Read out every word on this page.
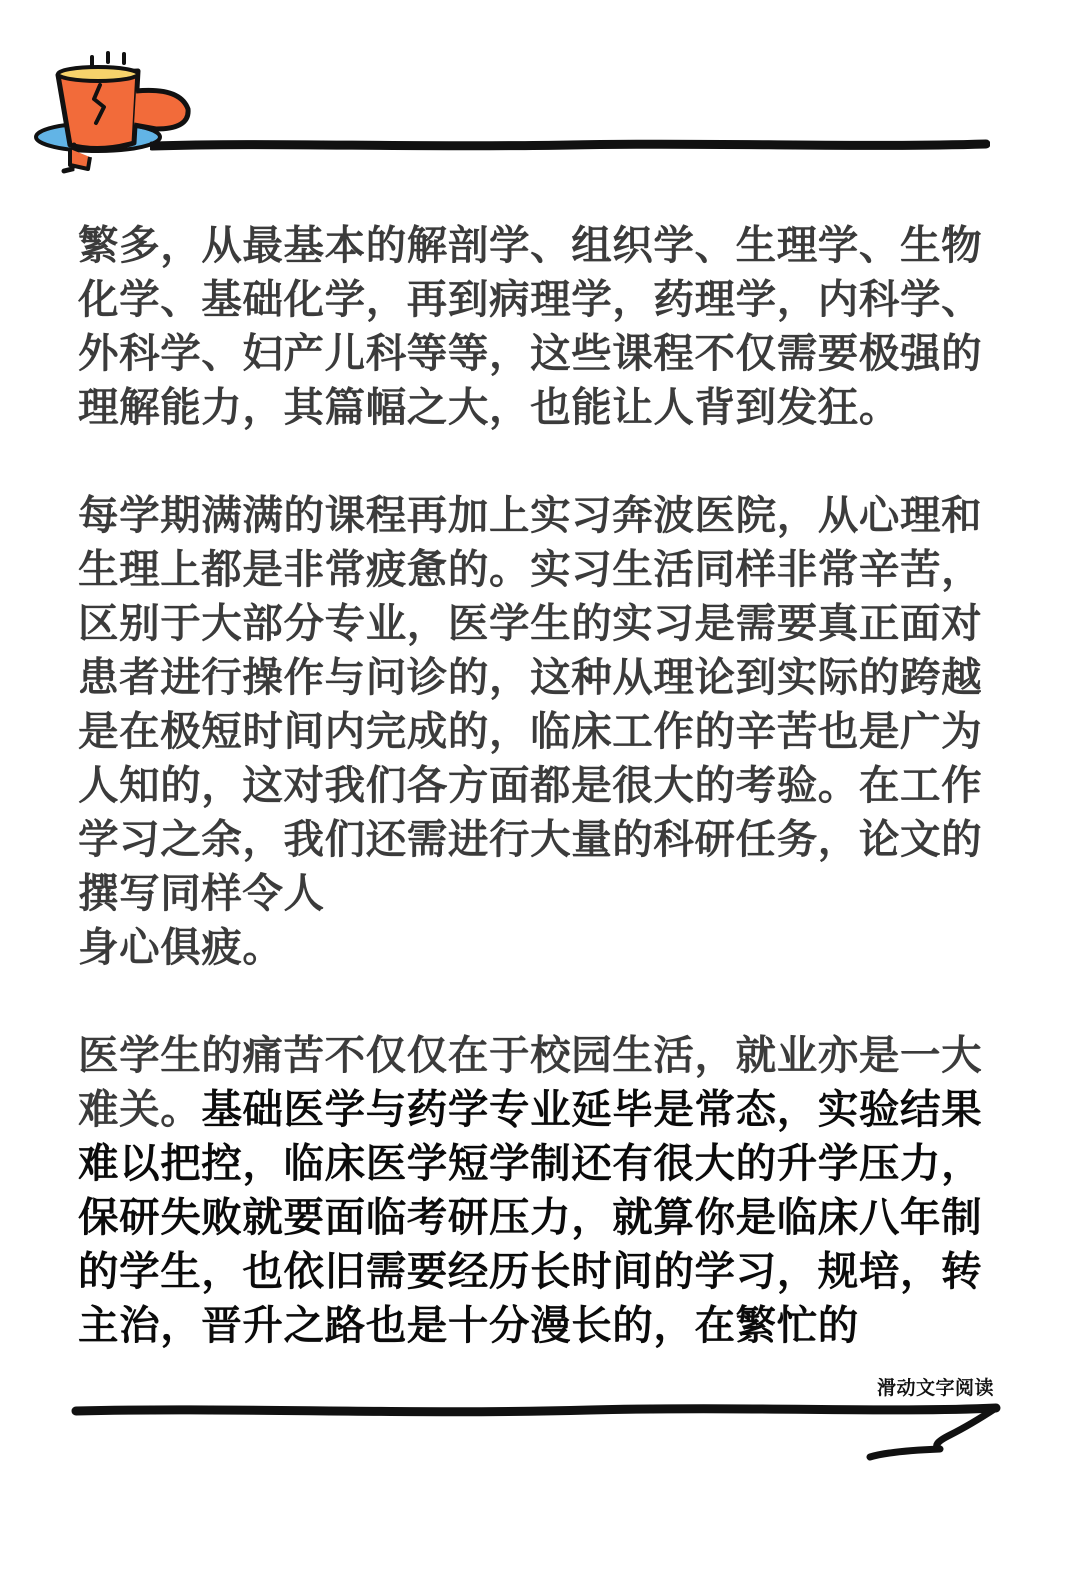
繁多，从最基本的解剖学、组织学、生理学、生物化学、基础化学，再到病理学，药理学，内科学、外科学、妇产儿科等等，这些课程不仅需要极强的理解能力，其篇幅之大，也能让人背到发狂。

每学期满满的课程再加上实习奔波医院，从心理和生理上都是非常疲惫的。实习生活同样非常辛苦，区别于大部分专业，医学生的实习是需要真正面对患者进行操作与问诊的，这种从理论到实际的跨越是在极短时间内完成的，临床工作的辛苦也是广为人知的，这对我们各方面都是很大的考验。在工作学习之余，我们还需进行大量的科研任务，论文的撰写同样令人
身心俱疲。

医学生的痛苦不仅仅在于校园生活，就业亦是一大难关。基础医学与药学专业延毕是常态，实验结果难以把控，临床医学短学制还有很大的升学压力，保研失败就要面临考研压力，就算你是临床八年制的学生，也依旧需要经历长时间的学习，规培，转主治，晋升之路也是十分漫长的，在繁忙的

滑动文字阅读
